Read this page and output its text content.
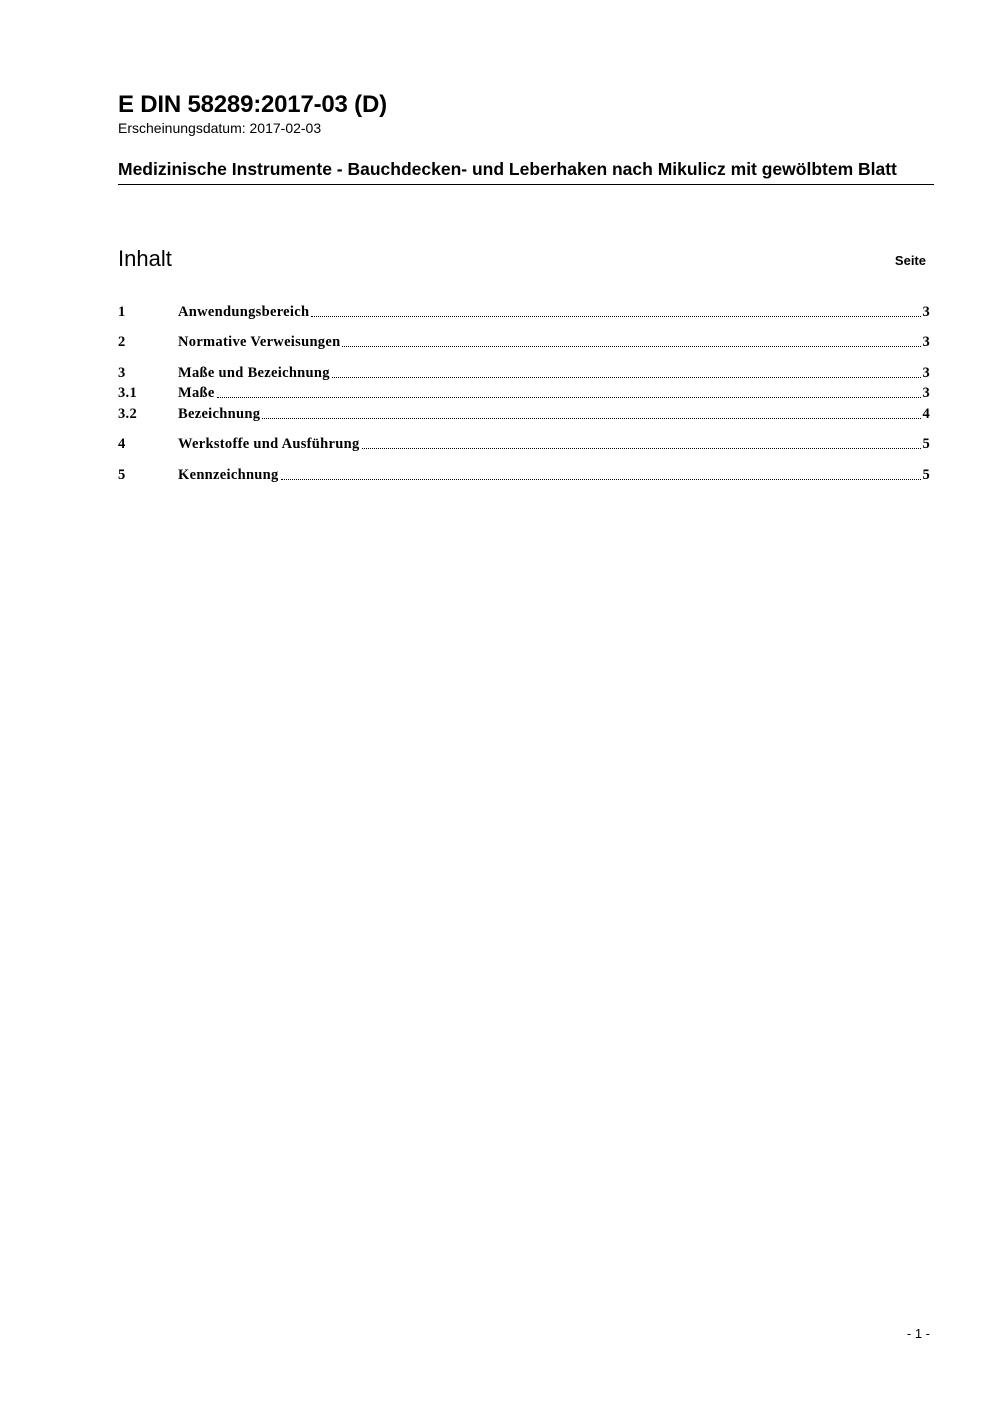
E DIN 58289:2017-03 (D)

Erscheinungsdatum: 2017-02-03

Medizinische Instrumente - Bauchdecken- und Leberhaken nach Mikulicz mit gewölbtem Blatt
Inhalt	Seite
1	Anwendungsbereich	3
2	Normative Verweisungen	3
3	Maße und Bezeichnung	3
3.1	Maße	3
3.2	Bezeichnung	4
4	Werkstoffe und Ausführung	5
5	Kennzeichnung	5
- 1 -
